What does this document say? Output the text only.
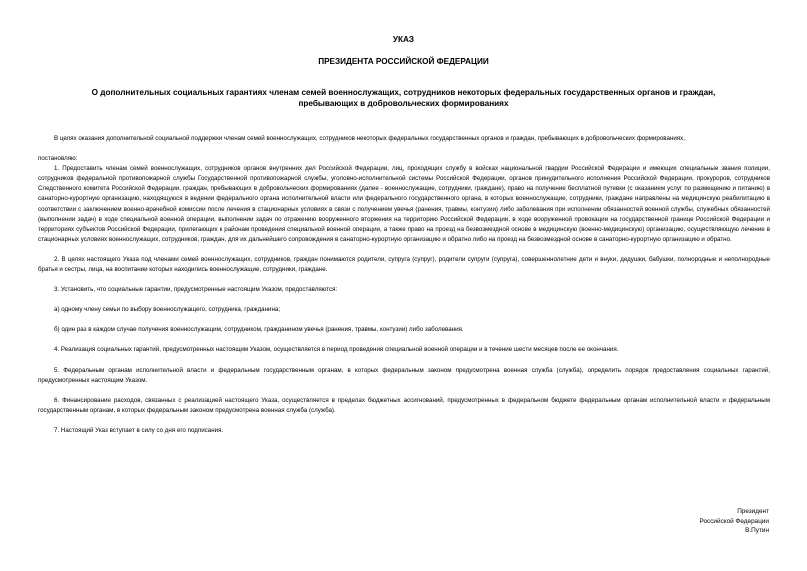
УКАЗ
ПРЕЗИДЕНТА РОССИЙСКОЙ ФЕДЕРАЦИИ
О дополнительных социальных гарантиях членам семей военнослужащих, сотрудников некоторых федеральных государственных органов и граждан,
пребывающих в добровольческих формированиях

В целях оказания дополнительной социальной поддержки членам семей военнослужащих, сотрудников некоторых федеральных государственных органов и граждан, пребывающих в добровольческих формированиях,

постановляю:

1. Предоставить членам семей военнослужащих, сотрудников органов внутренних дел Российской Федерации, лиц, проходящих службу в войсках национальной гвардии Российской Федерации и имеющих специальные звания полиции, сотрудников федеральной противопожарной службы Государственной противопожарной службы, уголовно-исполнительной системы Российской Федерации, органов принудительного исполнения Российской Федерации, прокуроров, сотрудников Следственного комитета Российской Федерации, граждан, пребывающих в добровольческих формированиях (далее - военнослужащие, сотрудники, граждане), право на получение бесплатной путевки (с оказанием услуг по размещению и питанию) в санаторно-курортную организацию, находящуюся в ведении федерального органа исполнительной власти или федерального государственного органа, в которых военнослужащие, сотрудники, граждане направлены на медицинскую реабилитацию в соответствии с заключением военно-врачебной комиссии после лечения в стационарных условиях в связи с получением увечья (ранения, травмы, контузии) либо заболевания при исполнении обязанностей военной службы, служебных обязанностей (выполнении задач) в ходе специальной военной операции, выполнении задач по отражению вооруженного вторжения на территорию Российской Федерации, в ходе вооруженной провокации на государственной границе Российской Федерации и территориях субъектов Российской Федерации, прилегающих к районам проведения специальной военной операции, а также право на проезд на безвозмездной основе в медицинскую (военно-медицинскую) организацию, осуществляющую лечение в стационарных условиях военнослужащих, сотрудников, граждан, для их дальнейшего сопровождения в санаторно-курортную организацию и обратно либо на проезд на безвозмездной основе в санаторно-курортную организацию и обратно.

2. В целях настоящего Указа под членами семей военнослужащих, сотрудников, граждан понимаются родители, супруга (супруг), родители супруги (супруга), совершеннолетние дети и внуки, дедушки, бабушки, полнородные и неполнородные братья и сестры, лица, на воспитании которых находились военнослужащие, сотрудники, граждане.

3. Установить, что социальные гарантии, предусмотренные настоящим Указом, предоставляются:

а) одному члену семьи по выбору военнослужащего, сотрудника, гражданина;

б) один раз в каждом случае получения военнослужащим, сотрудником, гражданином увечья (ранения, травмы, контузии) либо заболевания.

4. Реализация социальных гарантий, предусмотренных настоящим Указом, осуществляется в период проведения специальной военной операции и в течение шести месяцев после ее окончания.

5. Федеральным органам исполнительной власти и федеральным государственным органам, в которых федеральным законом предусмотрена военная служба (служба), определить порядок предоставления социальных гарантий, предусмотренных настоящим Указом.

6. Финансирование расходов, связанных с реализацией настоящего Указа, осуществляется в пределах бюджетных ассигнований, предусмотренных в федеральном бюджете федеральным органам исполнительной власти и федеральным государственным органам, в которых федеральным законом предусмотрена военная служба (служба).

7. Настоящий Указ вступает в силу со дня его подписания.

Президент
Российской Федерации
В.Путин
